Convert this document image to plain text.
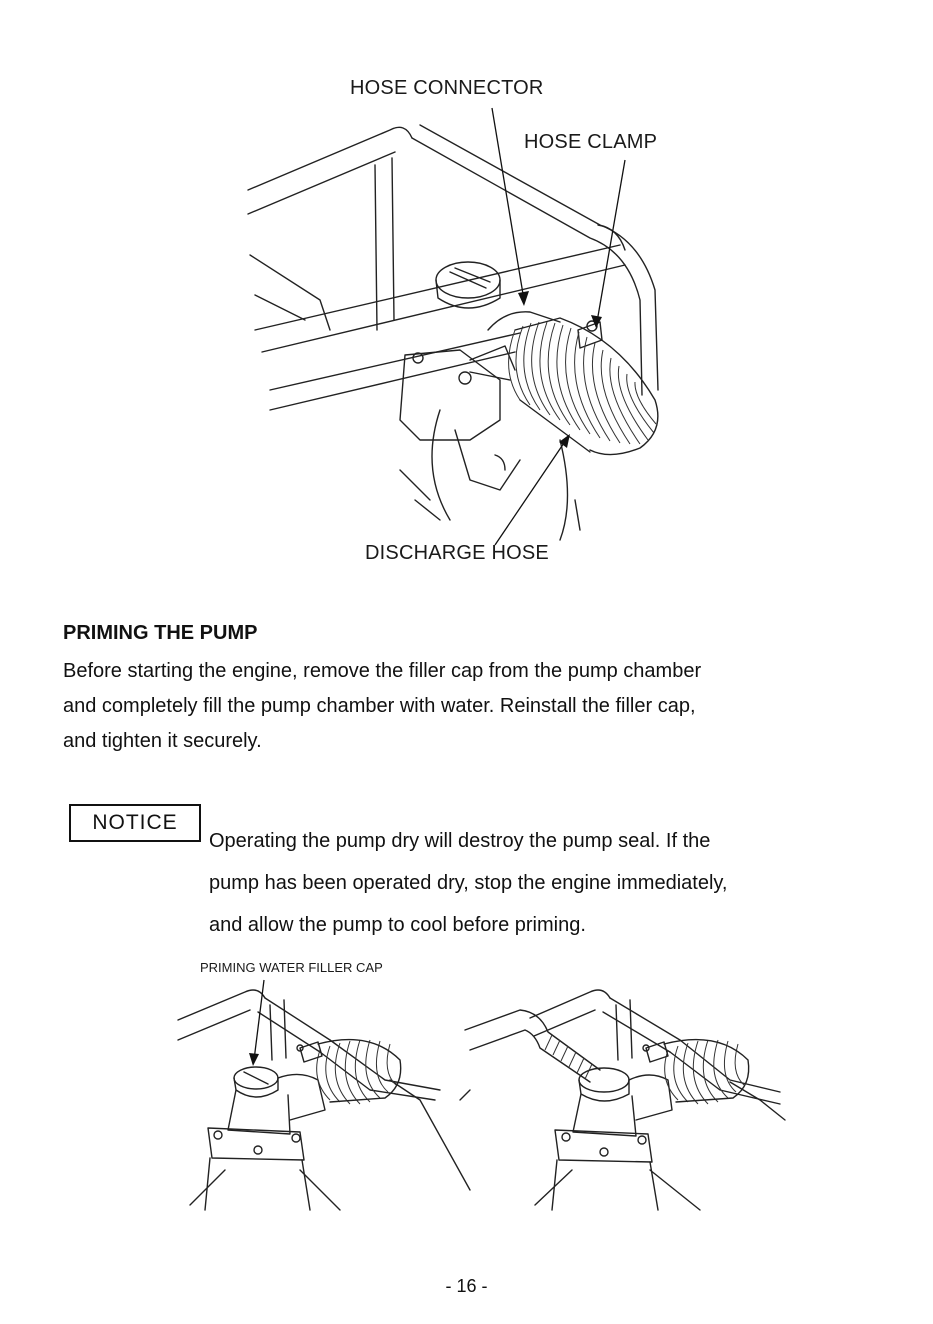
HOSE CONNECTOR
HOSE CLAMP
DISCHARGE HOSE
PRIMING THE PUMP
Before starting the engine, remove the filler cap from the pump chamber
and completely fill the pump chamber with water. Reinstall the filler cap,
and tighten it securely.
NOTICE
Operating the pump dry will destroy the pump seal. If the
pump has been operated dry, stop the engine immediately,
and allow the pump to cool before priming.
PRIMING WATER FILLER CAP
- 16 -
